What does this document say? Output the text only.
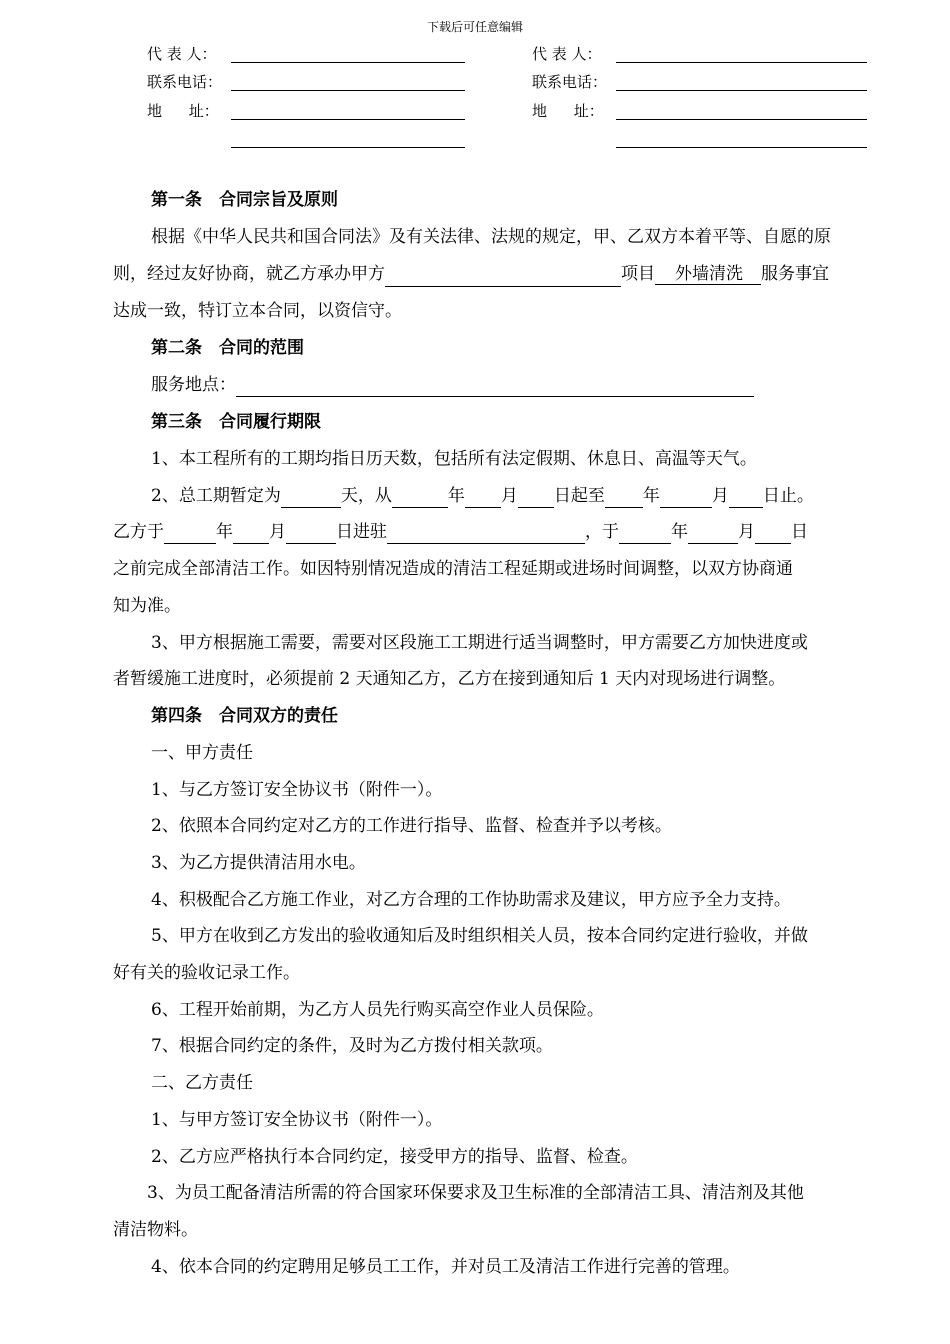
下载后可任意编辑
代 表 人：
联系电话：
地 址：
代 表 人：
联系电话：
地 址：
第一条　合同宗旨及原则
根据《中华人民共和国合同法》及有关法律、法规的规定，甲、乙双方本着平等、自愿的原
则，经过友好协商，就乙方承办甲方	项目 外墙清洗 服务事宜
达成一致，特订立本合同，以资信守。
第二条　合同的范围
服务地点：
第三条　合同履行期限
1、本工程所有的工期均指日历天数，包括所有法定假期、休息日、高温等天气。
2、总工期暂定为	天，从	年 月 日起至 年	月 日止。
乙方于	年 月	日进驻	，于	年	月 日
之前完成全部清洁工作。如因特别情况造成的清洁工程延期或进场时间调整，以双方协商通
知为准。
3、甲方根据施工需要，需要对区段施工工期进行适当调整时，甲方需要乙方加快进度或
者暂缓施工进度时，必须提前 2 天通知乙方，乙方在接到通知后 1 天内对现场进行调整。
第四条　合同双方的责任
一、甲方责任
1、与乙方签订安全协议书（附件一）。
2、依照本合同约定对乙方的工作进行指导、监督、检查并予以考核。
3、为乙方提供清洁用水电。
4、积极配合乙方施工作业，对乙方合理的工作协助需求及建议，甲方应予全力支持。
5、甲方在收到乙方发出的验收通知后及时组织相关人员，按本合同约定进行验收，并做
好有关的验收记录工作。
6、工程开始前期，为乙方人员先行购买高空作业人员保险。
7、根据合同约定的条件，及时为乙方拨付相关款项。
二、乙方责任
1、与甲方签订安全协议书（附件一）。
2、乙方应严格执行本合同约定，接受甲方的指导、监督、检查。
3、为员工配备清洁所需的符合国家环保要求及卫生标准的全部清洁工具、清洁剂及其他
清洁物料。
4、依本合同的约定聘用足够员工工作，并对员工及清洁工作进行完善的管理。
